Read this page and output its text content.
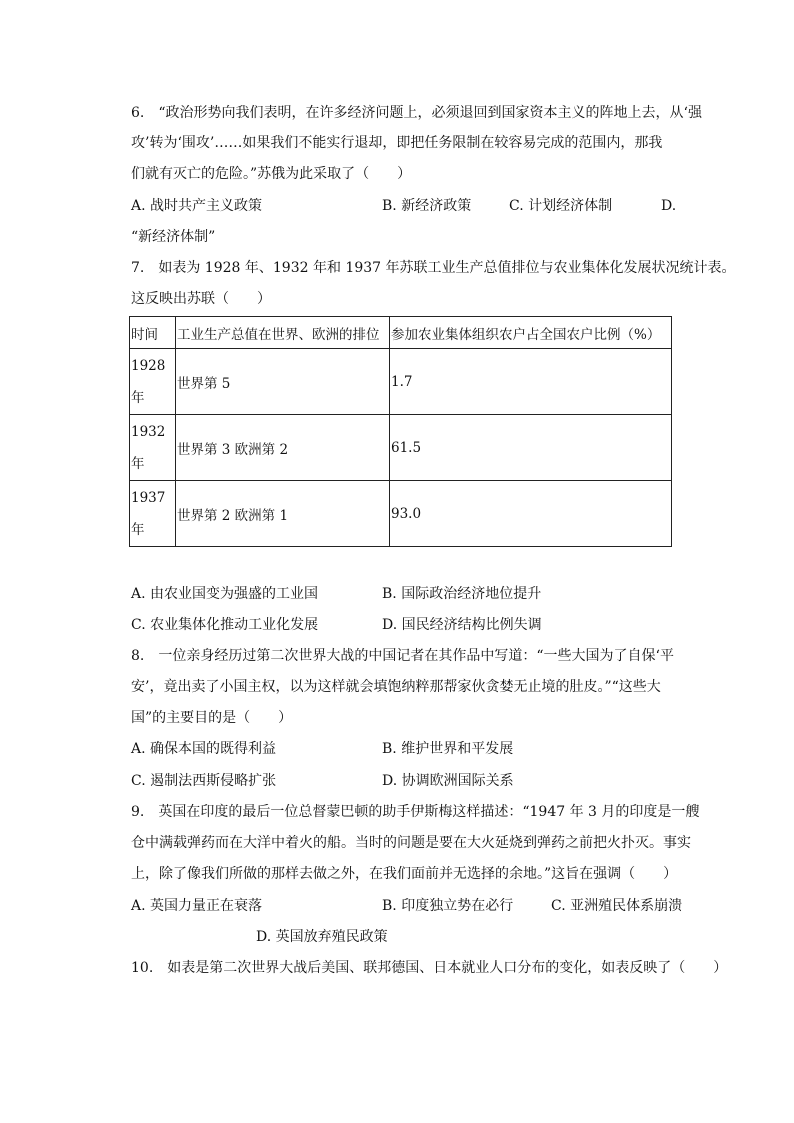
6.　“政治形势向我们表明，在许多经济问题上，必须退回到国家资本主义的阵地上去，从‘强
攻’转为‘围攻’……如果我们不能实行退却，即把任务限制在较容易完成的范围内，那我
们就有灭亡的危险。”苏俄为此采取了（　　）
A. 战时共产主义政策	B. 新经济政策	C. 计划经济体制	D.
“新经济体制”
7.　如表为 1928 年、1932 年和 1937 年苏联工业生产总值排位与农业集体化发展状况统计表。
这反映出苏联（　　）
时间	工业生产总值在世界、欧洲的排位	参加农业集体组织农户占全国农户比例（%）
1928 年	世界第 5	1.7
1932 年	世界第 3 欧洲第 2	61.5
1937 年	世界第 2 欧洲第 1	93.0
A. 由农业国变为强盛的工业国	B. 国际政治经济地位提升
C. 农业集体化推动工业化发展	D. 国民经济结构比例失调
8.　一位亲身经历过第二次世界大战的中国记者在其作品中写道：“一些大国为了自保‘平
安’，竟出卖了小国主权，以为这样就会填饱纳粹那帮家伙贪婪无止境的肚皮。”“这些大
国”的主要目的是（　　）
A. 确保本国的既得利益	B. 维护世界和平发展
C. 遏制法西斯侵略扩张	D. 协调欧洲国际关系
9.　英国在印度的最后一位总督蒙巴顿的助手伊斯梅这样描述：“1947 年 3 月的印度是一艘
仓中满载弹药而在大洋中着火的船。当时的问题是要在大火延烧到弹药之前把火扑灭。事实
上，除了像我们所做的那样去做之外，在我们面前并无选择的余地。”这旨在强调（　　）
A. 英国力量正在衰落	B. 印度独立势在必行	C. 亚洲殖民体系崩溃
D. 英国放弃殖民政策
10.　如表是第二次世界大战后美国、联邦德国、日本就业人口分布的变化，如表反映了（　　）
